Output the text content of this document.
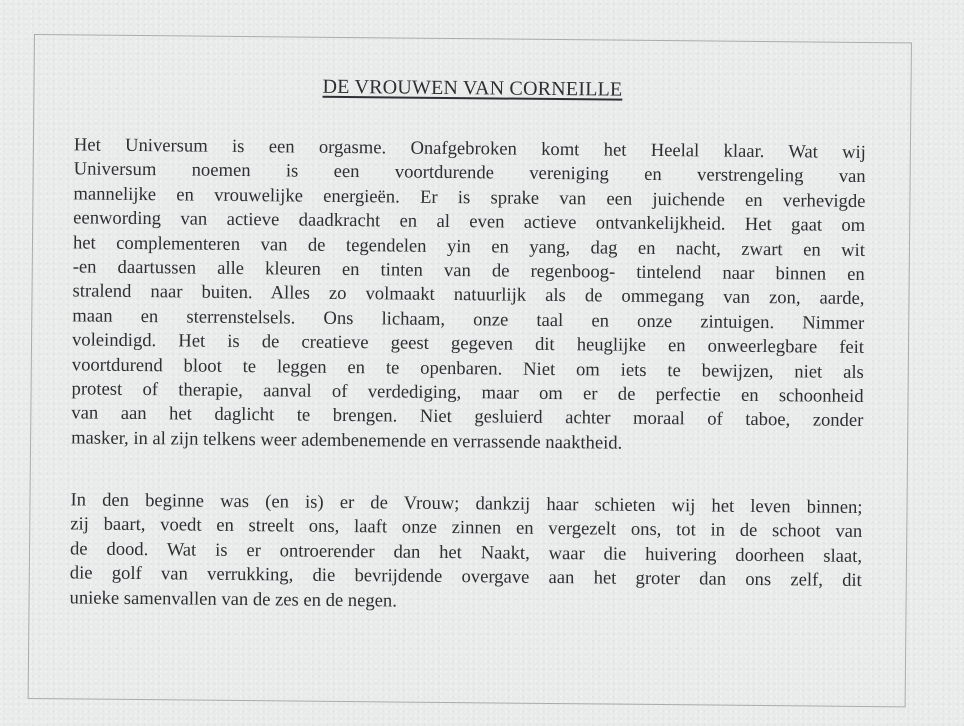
DE VROUWEN VAN CORNEILLE

Het Universum is een orgasme. Onafgebroken komt het Heelal klaar. Wat wij
Universum noemen is een voortdurende vereniging en verstrengeling van
mannelijke en vrouwelijke energieën. Er is sprake van een juichende en verhevigde
eenwording van actieve daadkracht en al even actieve ontvankelijkheid. Het gaat om
het complementeren van de tegendelen yin en yang, dag en nacht, zwart en wit
-en daartussen alle kleuren en tinten van de regenboog- tintelend naar binnen en
stralend naar buiten. Alles zo volmaakt natuurlijk als de ommegang van zon, aarde,
maan en sterrenstelsels. Ons lichaam, onze taal en onze zintuigen. Nimmer
voleindigd. Het is de creatieve geest gegeven dit heuglijke en onweerlegbare feit
voortdurend bloot te leggen en te openbaren. Niet om iets te bewijzen, niet als
protest of therapie, aanval of verdediging, maar om er de perfectie en schoonheid
van aan het daglicht te brengen. Niet gesluierd achter moraal of taboe, zonder
masker, in al zijn telkens weer adembenemende en verrassende naaktheid.

In den beginne was (en is) er de Vrouw; dankzij haar schieten wij het leven binnen;
zij baart, voedt en streelt ons, laaft onze zinnen en vergezelt ons, tot in de schoot van
de dood. Wat is er ontroerender dan het Naakt, waar die huivering doorheen slaat,
die golf van verrukking, die bevrijdende overgave aan het groter dan ons zelf, dit
unieke samenvallen van de zes en de negen.
